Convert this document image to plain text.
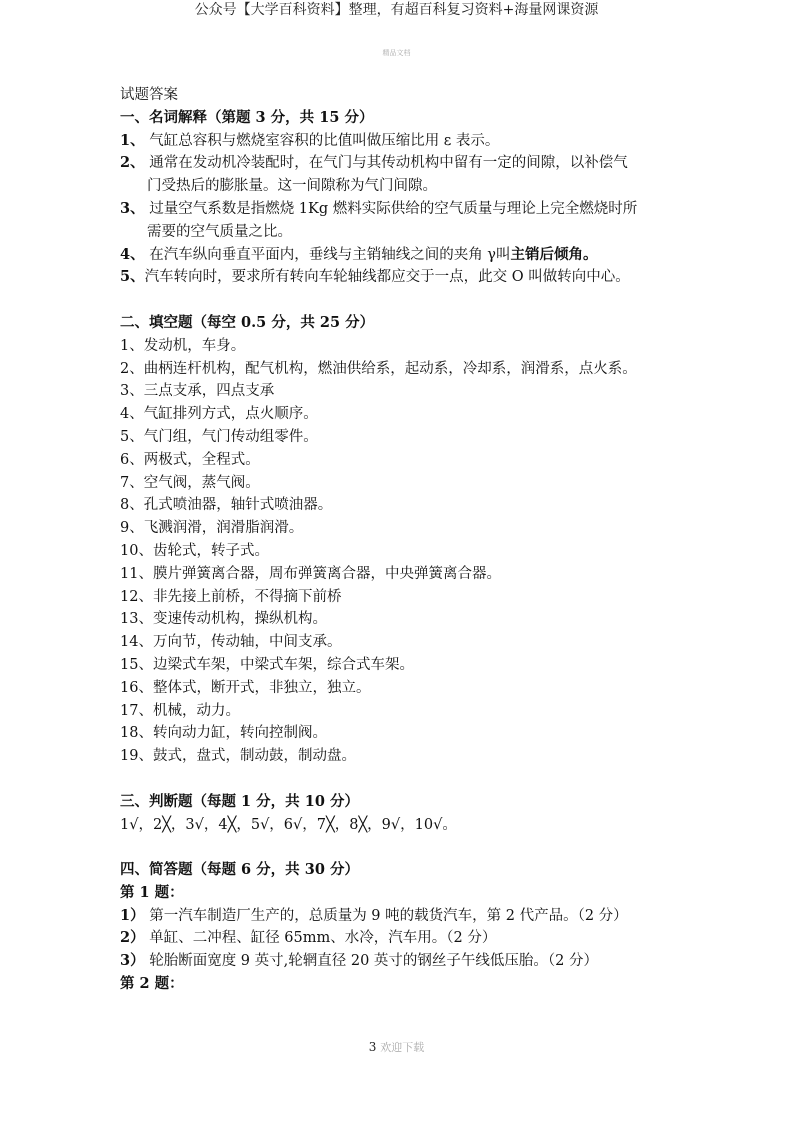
公众号【大学百科资料】整理，有超百科复习资料+海量网课资源
精品文档
试题答案
一、名词解释（第题 3 分，共 15 分）
1、 气缸总容积与燃烧室容积的比值叫做压缩比用 ε 表示。
2、 通常在发动机冷装配时，在气门与其传动机构中留有一定的间隙，以补偿气
门受热后的膨胀量。这一间隙称为气门间隙。
3、 过量空气系数是指燃烧 1Kg 燃料实际供给的空气质量与理论上完全燃烧时所
需要的空气质量之比。
4、 在汽车纵向垂直平面内，垂线与主销轴线之间的夹角 γ叫主销后倾角。
5、汽车转向时，要求所有转向车轮轴线都应交于一点，此交 O 叫做转向中心。
二、填空题（每空 0.5 分，共 25 分）
1、发动机，车身。
2、曲柄连杆机构，配气机构，燃油供给系，起动系，冷却系，润滑系，点火系。
3、三点支承，四点支承
4、气缸排列方式，点火顺序。
5、气门组，气门传动组零件。
6、两极式，全程式。
7、空气阀，蒸气阀。
8、孔式喷油器，轴针式喷油器。
9、飞溅润滑，润滑脂润滑。
10、齿轮式，转子式。
11、膜片弹簧离合器，周布弹簧离合器，中央弹簧离合器。
12、非先接上前桥，不得摘下前桥
13、变速传动机构，操纵机构。
14、万向节，传动轴，中间支承。
15、边梁式车架，中梁式车架，综合式车架。
16、整体式，断开式，非独立，独立。
17、机械，动力。
18、转向动力缸，转向控制阀。
19、鼓式，盘式，制动鼓，制动盘。
三、判断题（每题 1 分，共 10 分）
1√，2╳，3√，4╳，5√，6√，7╳，8╳，9√，10√。
四、简答题（每题 6 分，共 30 分）
第 1 题：
1） 第一汽车制造厂生产的，总质量为 9 吨的载货汽车，第 2 代产品。（2 分）
2） 单缸、二冲程、缸径 65mm、水冷，汽车用。（2 分）
3） 轮胎断面宽度 9 英寸,轮辋直径 20 英寸的钢丝子午线低压胎。（2 分）
第 2 题：
3 欢迎下载
